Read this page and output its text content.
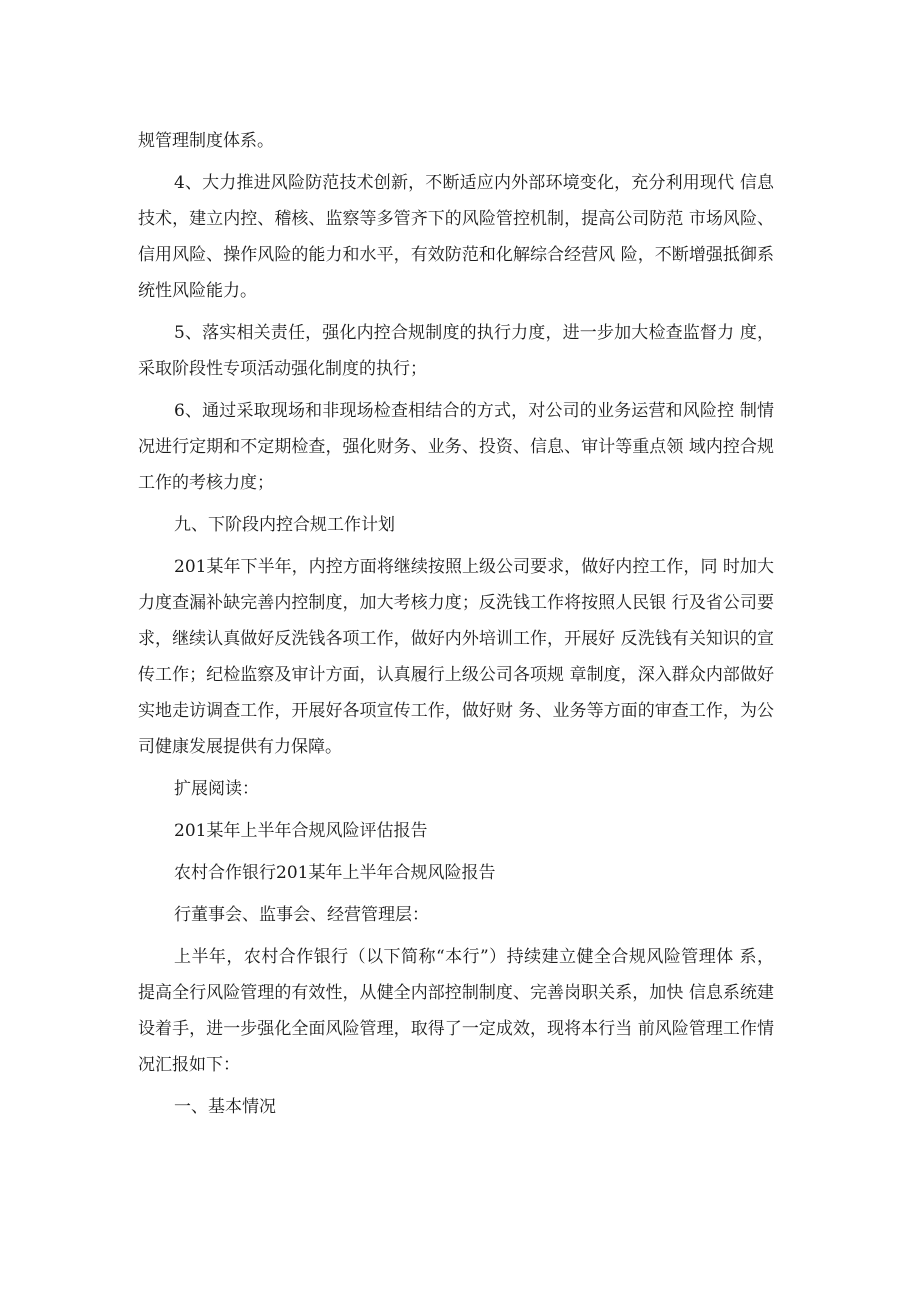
规管理制度体系。

4、大力推进风险防范技术创新，不断适应内外部环境变化，充分利用现代 信息技术，建立内控、稽核、监察等多管齐下的风险管控机制，提高公司防范 市场风险、信用风险、操作风险的能力和水平，有效防范和化解综合经营风 险，不断增强抵御系统性风险能力。

5、落实相关责任，强化内控合规制度的执行力度，进一步加大检查监督力 度，采取阶段性专项活动强化制度的执行；

6、通过采取现场和非现场检查相结合的方式，对公司的业务运营和风险控 制情况进行定期和不定期检查，强化财务、业务、投资、信息、审计等重点领 域内控合规工作的考核力度；

九、下阶段内控合规工作计划

201某年下半年，内控方面将继续按照上级公司要求，做好内控工作，同 时加大力度查漏补缺完善内控制度，加大考核力度；反洗钱工作将按照人民银 行及省公司要求，继续认真做好反洗钱各项工作，做好内外培训工作，开展好 反洗钱有关知识的宣传工作；纪检监察及审计方面，认真履行上级公司各项规 章制度，深入群众内部做好实地走访调查工作，开展好各项宣传工作，做好财 务、业务等方面的审查工作，为公司健康发展提供有力保障。

扩展阅读：

201某年上半年合规风险评估报告

农村合作银行201某年上半年合规风险报告

行董事会、监事会、经营管理层：

上半年，农村合作银行（以下简称“本行”）持续建立健全合规风险管理体 系，提高全行风险管理的有效性，从健全内部控制制度、完善岗职关系，加快 信息系统建设着手，进一步强化全面风险管理，取得了一定成效，现将本行当 前风险管理工作情况汇报如下：

一、基本情况
